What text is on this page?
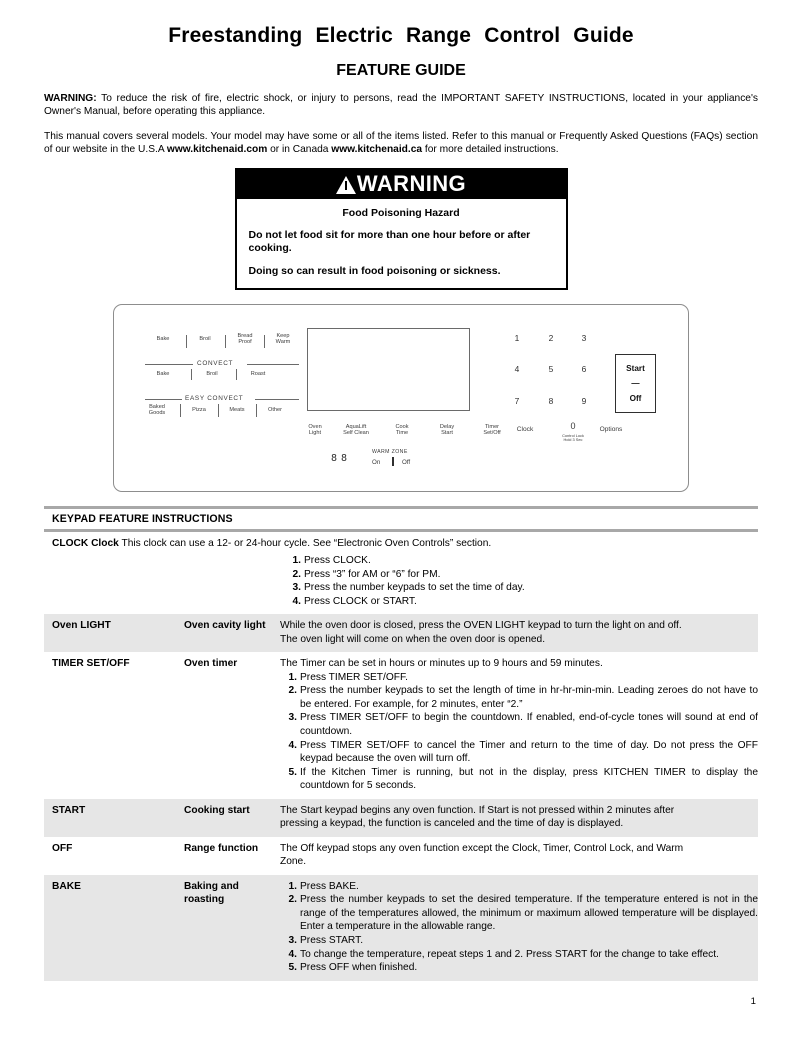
Freestanding Electric Range Control Guide
FEATURE GUIDE

WARNING: To reduce the risk of fire, electric shock, or injury to persons, read the IMPORTANT SAFETY INSTRUCTIONS, located in your appliance's Owner's Manual, before operating this appliance.

This manual covers several models. Your model may have some or all of the items listed. Refer to this manual or Frequently Asked Questions (FAQs) section of our website in the U.S.A www.kitchenaid.com or in Canada www.kitchenaid.ca for more detailed instructions.

WARNING
Food Poisoning Hazard
Do not let food sit for more than one hour before or after cooking.
Doing so can result in food poisoning or sickness.
Bake	Broil	Bread
Proof
Keep
Warm
CONVECT
Bake	Broil	Roast
EASY CONVECT
Baked
Goods
Pizza	Meats	Other
Oven
Light
AquaLift
Self Clean
Cook
Time
Delay
Start
Timer
Set/Off
Clock	0
Control Lock
Hold 3 Sec
Options
1	2	3
4	5	6
7	8	9
Start
—
Off
8 8
WARM ZONE
On	Off
KEYPAD FEATURE INSTRUCTIONS
CLOCK Clock This clock can use a 12- or 24-hour cycle. See “Electronic Oven Controls” section.
Press CLOCK.
Press “3” for AM or “6” for PM.
Press the number keypads to set the time of day.
Press CLOCK or START.
Oven LIGHT	Oven cavity light	While the oven door is closed, press the OVEN LIGHT keypad to turn the light on and off.

The oven light will come on when the oven door is opened.

TIMER SET/OFF	Oven timer	The Timer can be set in hours or minutes up to 9 hours and 59 minutes.

Press TIMER SET/OFF.
Press the number keypads to set the length of time in hr-hr-min-min. Leading zeroes do not have to be entered. For example, for 2 minutes, enter “2.”
Press TIMER SET/OFF to begin the countdown. If enabled, end-of-cycle tones will sound at end of countdown.
Press TIMER SET/OFF to cancel the Timer and return to the time of day. Do not press the OFF keypad because the oven will turn off.
If the Kitchen Timer is running, but not in the display, press KITCHEN TIMER to display the countdown for 5 seconds.
START	Cooking start	The Start keypad begins any oven function. If Start is not pressed within 2 minutes after

pressing a keypad, the function is canceled and the time of day is displayed.

OFF	Range function	The Off keypad stops any oven function except the Clock, Timer, Control Lock, and Warm

Zone.

BAKE	Baking and roasting
Press BAKE.
Press the number keypads to set the desired temperature. If the temperature entered is not in the range of the temperatures allowed, the minimum or maximum allowed temperature will be displayed. Enter a temperature in the allowable range.
Press START.
To change the temperature, repeat steps 1 and 2. Press START for the change to take effect.
Press OFF when finished.
1
